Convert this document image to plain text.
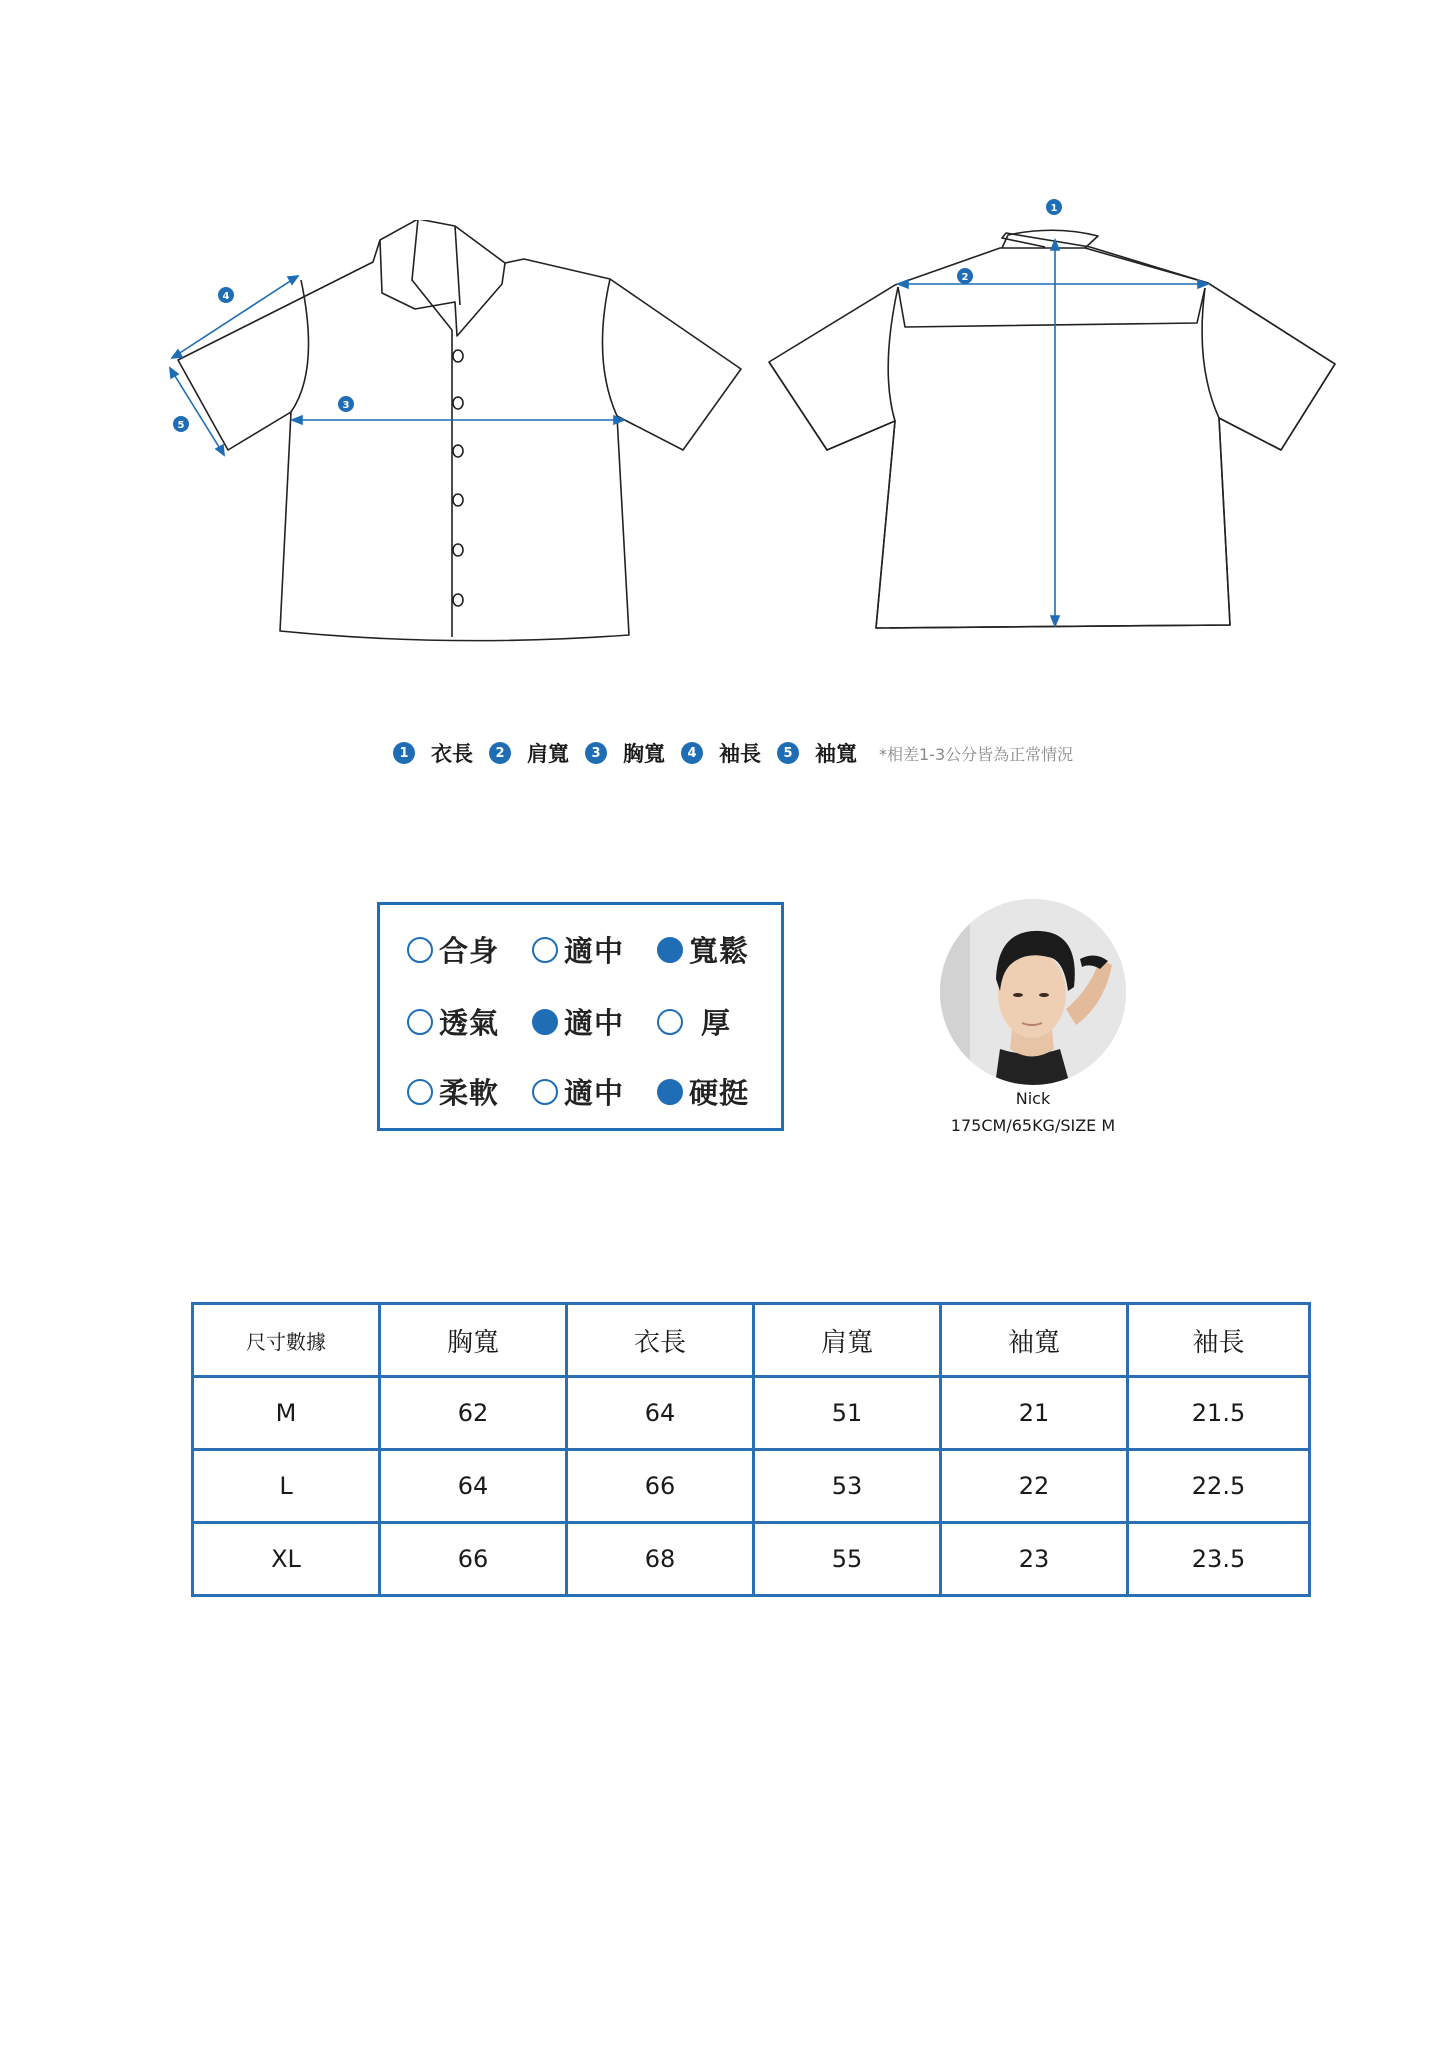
4
5
3
1
2
1	衣長	2	肩寬	3	胸寬	4	袖長	5	袖寬 *相差1-3公分皆為正常情況
合身 適中 寬鬆
透氣 適中	厚
柔軟 適中 硬挺	Nick
175CM/65KG/SIZE M
尺寸數據	胸寬	衣長	肩寬	袖寬	袖長
M	62	64	51	21	21.5
L	64	66	53	22	22.5
XL	66	68	55	23	23.5
